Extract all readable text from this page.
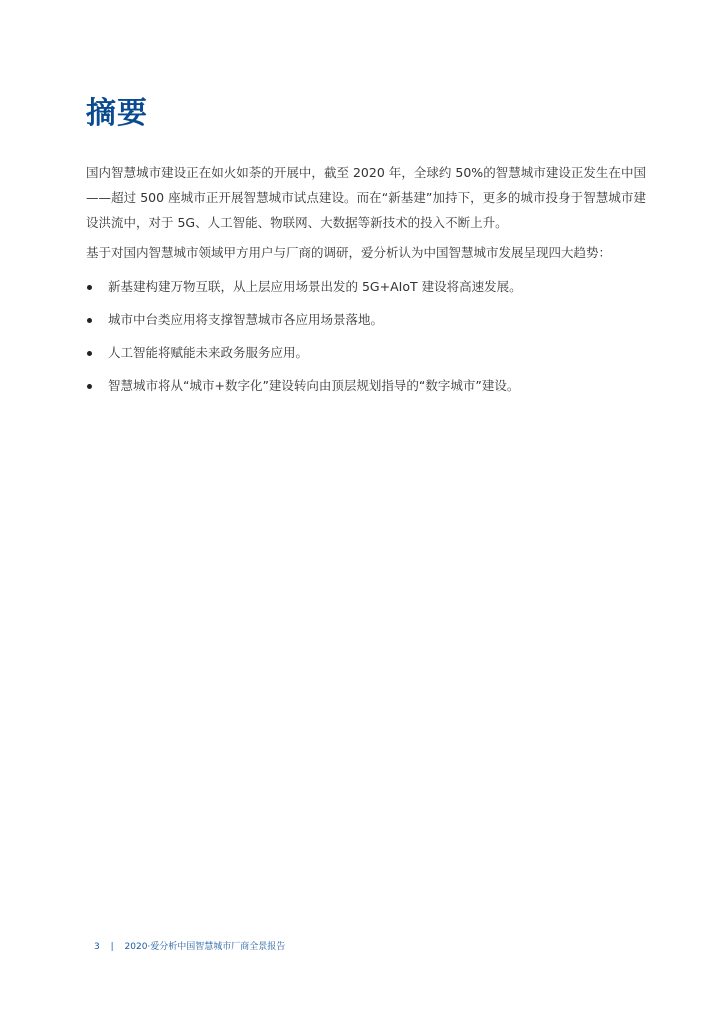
摘要

国内智慧城市建设正在如火如荼的开展中，截至 2020 年，全球约 50%的智慧城市建设正发生在中国——超过 500 座城市正开展智慧城市试点建设。而在“新基建”加持下，更多的城市投身于智慧城市建设洪流中，对于 5G、人工智能、物联网、大数据等新技术的投入不断上升。

基于对国内智慧城市领域甲方用户与厂商的调研，爱分析认为中国智慧城市发展呈现四大趋势：

新基建构建万物互联，从上层应用场景出发的 5G+AIoT 建设将高速发展。
城市中台类应用将支撑智慧城市各应用场景落地。
人工智能将赋能未来政务服务应用。
智慧城市将从“城市+数字化”建设转向由顶层规划指导的“数字城市”建设。
3 | 2020·爱分析中国智慧城市厂商全景报告
